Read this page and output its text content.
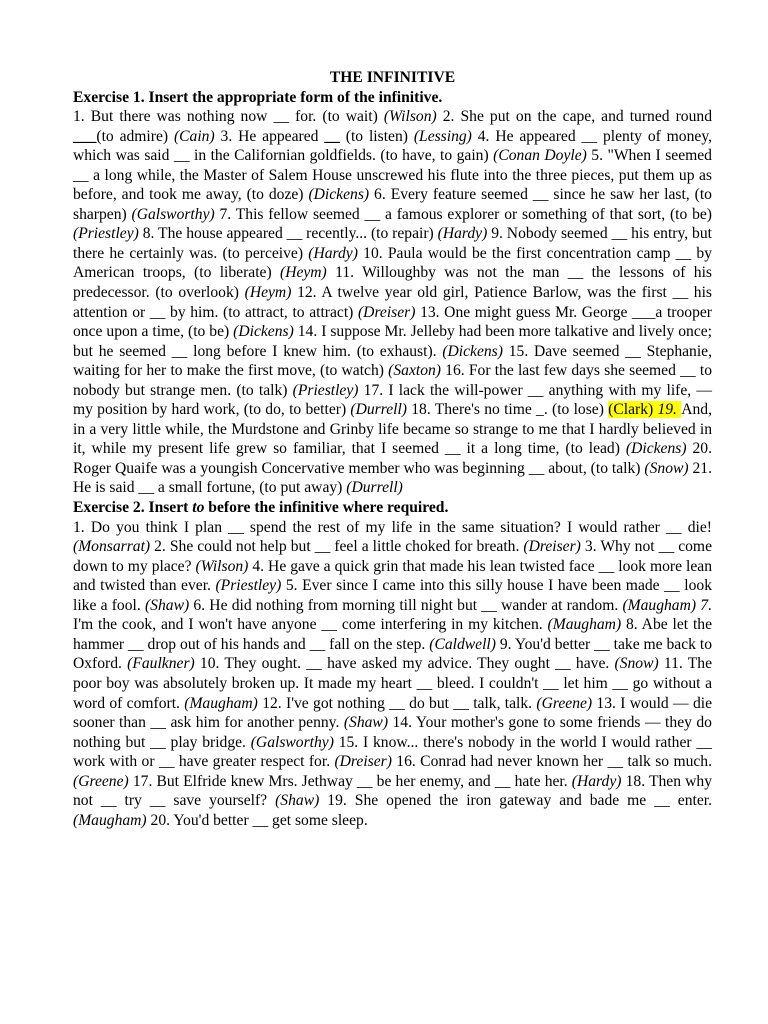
THE INFINITIVE

Exercise 1. Insert the appropriate form of the infinitive.

1. But there was nothing now __ for. (to wait) (Wilson) 2. She put on the cape, and turned round ___(to admire) (Cain) 3. He appeared __ (to listen) (Lessing) 4. He appeared __ plenty of money, which was said __ in the Californian goldfields. (to have, to gain) (Conan Doyle) 5. "When I seemed __ a long while, the Master of Salem House unscrewed his flute into the three pieces, put them up as before, and took me away, (to doze) (Dickens) 6. Every feature seemed __ since he saw her last, (to sharpen) (Galsworthy) 7. This fellow seemed __ a famous explorer or something of that sort, (to be) (Priestley) 8. The house appeared __ recently... (to repair) (Hardy) 9. Nobody seemed __ his entry, but there he certainly was. (to perceive) (Hardy) 10. Paula would be the first concentration camp __ by American troops, (to liberate) (Heym) 11. Willoughby was not the man __ the lessons of his predecessor. (to overlook) (Heym) 12. A twelve year old girl, Patience Barlow, was the first __ his attention or __ by him. (to attract, to attract) (Dreiser) 13. One might guess Mr. George ___a trooper once upon a time, (to be) (Dickens) 14. I suppose Mr. Jelleby had been more talkative and lively once; but he seemed __ long before I knew him. (to exhaust). (Dickens) 15. Dave seemed __ Stephanie, waiting for her to make the first move, (to watch) (Saxton) 16. For the last few days she seemed __ to nobody but strange men. (to talk) (Priestley) 17. I lack the will-power __ anything with my life, — my position by hard work, (to do, to better) (Durrell) 18. There's no time _. (to lose) (Clark) 19. And, in a very little while, the Murdstone and Grinby life became so strange to me that I hardly believed in it, while my present life grew so familiar, that I seemed __ it a long time, (to lead) (Dickens) 20. Roger Quaife was a youngish Concervative member who was beginning __ about, (to talk) (Snow) 21. He is said __ a small fortune, (to put away) (Durrell)

Exercise 2. Insert to before the infinitive where required.

1. Do you think I plan __ spend the rest of my life in the same situation? I would rather __ die! (Monsarrat) 2. She could not help but __ feel a little choked for breath. (Dreiser) 3. Why not __ come down to my place? (Wilson) 4. He gave a quick grin that made his lean twisted face __ look more lean and twisted than ever. (Priestley) 5. Ever since I came into this silly house I have been made __ look like a fool. (Shaw) 6. He did nothing from morning till night but __ wander at random. (Maugham) 7. I'm the cook, and I won't have anyone __ come interfering in my kitchen. (Maugham) 8. Abe let the hammer __ drop out of his hands and __ fall on the step. (Caldwell) 9. You'd better __ take me back to Oxford. (Faulkner) 10. They ought. __ have asked my advice. They ought __ have. (Snow) 11. The poor boy was absolutely broken up. It made my heart __ bleed. I couldn't __ let him __ go without a word of comfort. (Maugham) 12. I've got nothing __ do but __ talk, talk. (Greene) 13. I would — die sooner than __ ask him for another penny. (Shaw) 14. Your mother's gone to some friends — they do nothing but __ play bridge. (Galsworthy) 15. I know... there's nobody in the world I would rather __ work with or __ have greater respect for. (Dreiser) 16. Conrad had never known her __ talk so much. (Greene) 17. But Elfride knew Mrs. Jethway __ be her enemy, and __ hate her. (Hardy) 18. Then why not __ try __ save yourself? (Shaw) 19. She opened the iron gateway and bade me __ enter. (Maugham) 20. You'd better __ get some sleep.
